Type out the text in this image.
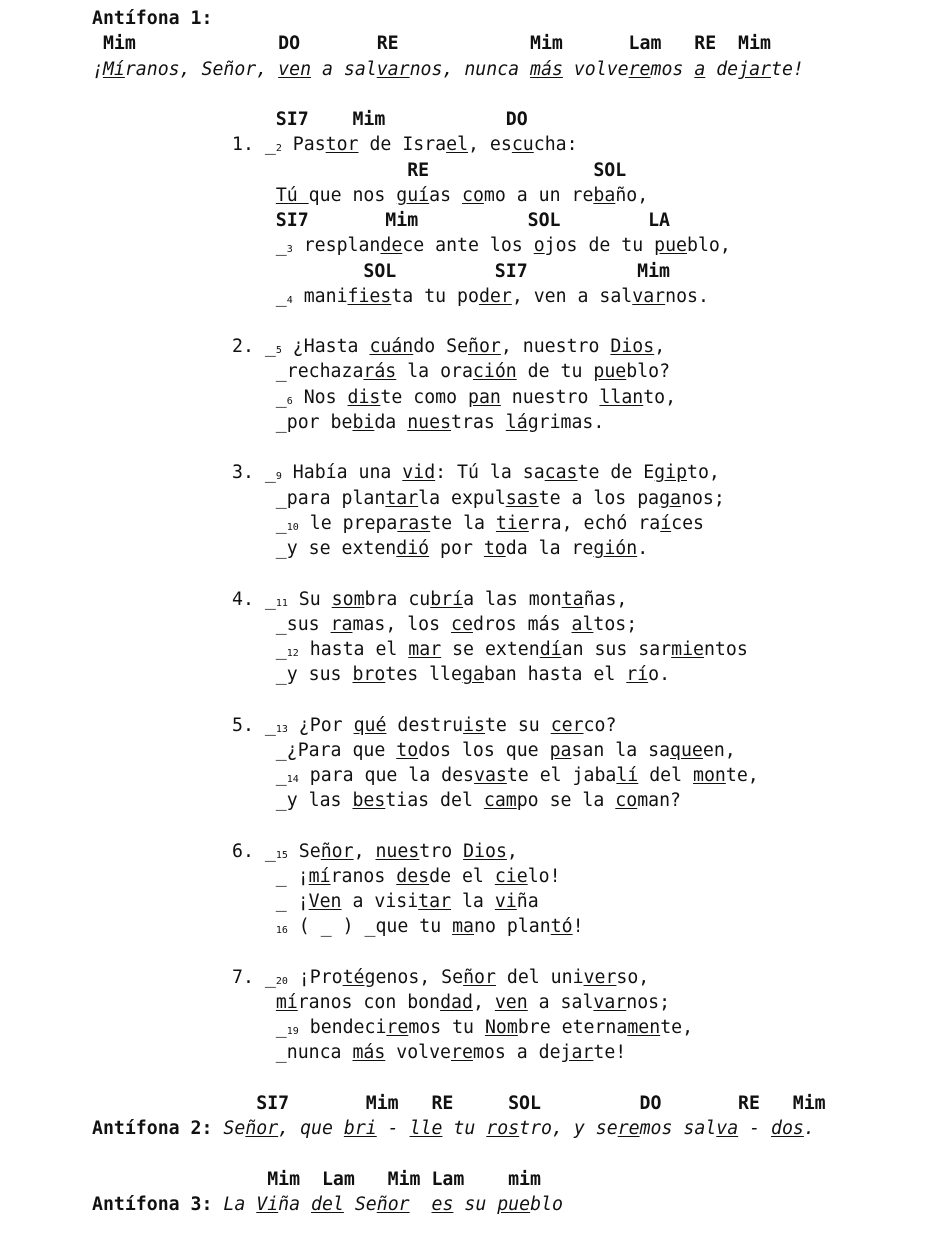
Antífona 1:
Mim             DO       RE            Mim      Lam   RE  Mim
¡Míranos, Señor, ven a salvarnos, nunca más volveremos a dejarte!
SI7    Mim           DO
1. $\__2$ Pastor de Israel, escucha:
RE               SOL
Tú que nos guías como a un rebaño,
SI7       Mim          SOL        LA
$\__3$ resplandece ante los ojos de tu pueblo,
SOL         SI7          Mim
$\__4$ manifiesta tu poder, ven a salvarnos.
2. $\__5$ ¿Hasta cuándo Señor, nuestro Dios,
_rechazarás la oración de tu pueblo?
$\__6$ Nos diste como pan nuestro llanto,
_por bebida nuestras lágrimas.
3. $\__9$ Había una vid: Tú la sacaste de Egipto,
_para plantarla expulsaste a los paganos;
$\__{10}$ le preparaste la tierra, echó raíces
_y se extendió por toda la región.
4. $\__{11}$ Su sombra cubría las montañas,
_sus ramas, los cedros más altos;
$\__{12}$ hasta el mar se extendían sus sarmientos
_y sus brotes llegaban hasta el río.
5. $\__{13}$ ¿Por qué destruiste su cerco?
_¿Para que todos los que pasan la saqueen,
$\__{14}$ para que la desvaste el jabalí del monte,
_y las bestias del campo se la coman?
6. $\__{15}$ Señor, nuestro Dios,
_ ¡míranos desde el cielo!
_ ¡Ven a visitar la viña
$_{16}$ ( _ ) _que tu mano plantó!
7. $\__{20}$ ¡Protégenos, Señor del universo,
míranos con bondad, ven a salvarnos;
$\__{19}$ bendeciremos tu Nombre eternamente,
_nunca más volveremos a dejarte!
SI7       Mim   RE     SOL         DO       RE   Mim
Antífona 2: Señor, que bri - lle tu rostro, y seremos salva - dos.
Mim  Lam   Mim Lam    mim
Antífona 3: La Viña del Señor es su pueblo
